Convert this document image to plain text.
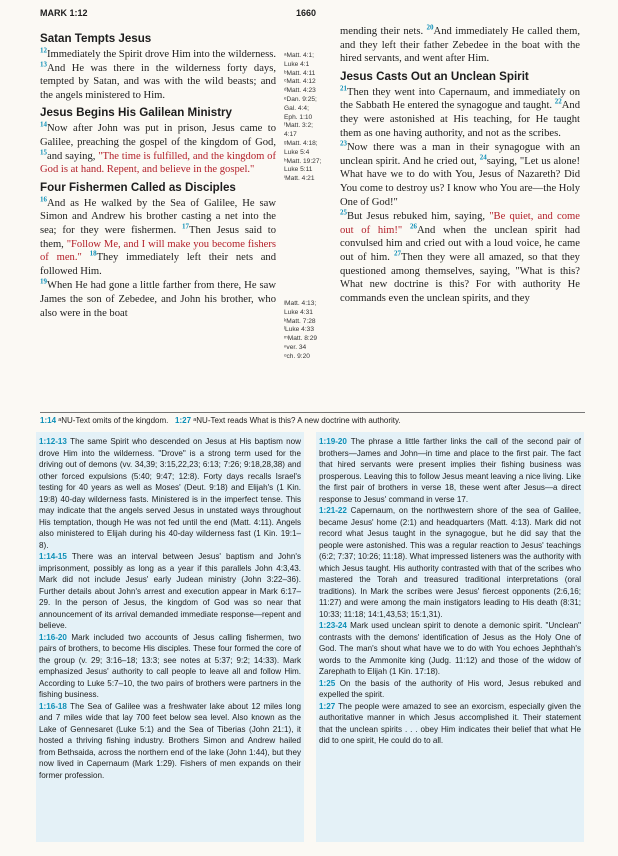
MARK 1:12	1660
Satan Tempts Jesus

$^{12}$Immediately the Spirit drove Him into the wilderness. $^{13}$And He was there in the wilderness forty days, tempted by Satan, and was with the wild beasts; and the angels ministered to Him.

Jesus Begins His Galilean Ministry

$^{14}$Now after John was put in prison, Jesus came to Galilee, preaching the gospel of the kingdom of God, $^{15}$and saying, "The time is fulfilled, and the kingdom of God is at hand. Repent, and believe in the gospel."

Four Fishermen Called as Disciples

$^{16}$And as He walked by the Sea of Galilee, He saw Simon and Andrew his brother casting a net into the sea; for they were fishermen. $^{17}$Then Jesus said to them, "Follow Me, and I will make you become fishers of men." $^{18}$They immediately left their nets and followed Him.

$^{19}$When He had gone a little farther from there, He saw James the son of Zebedee, and John his brother, who also were in the boat

ᵃMatt. 4:1;
Luke 4:1
ᵇMatt. 4:11
ᶜMatt. 4:12
ᵈMatt. 4:23
ᵉDan. 9:25;
Gal. 4:4;
Eph. 1:10
ᶠMatt. 3:2;
4:17
ᵍMatt. 4:18;
Luke 5:4
ʰMatt. 19:27;
Luke 5:11
ⁱMatt. 4:21
ʲMatt. 4:13;
Luke 4:31
ᵏMatt. 7:28
ˡLuke 4:33
ᵐMatt. 8:29
ⁿver. 34
ᵒch. 9:20

mending their nets. $^{20}$And immediately He called them, and they left their father Zebedee in the boat with the hired servants, and went after Him.

Jesus Casts Out an Unclean Spirit

$^{21}$Then they went into Capernaum, and immediately on the Sabbath He entered the synagogue and taught. $^{22}$And they were astonished at His teaching, for He taught them as one having authority, and not as the scribes.

$^{23}$Now there was a man in their synagogue with an unclean spirit. And he cried out, $^{24}$saying, "Let us alone! What have we to do with You, Jesus of Nazareth? Did You come to destroy us? I know who You are—the Holy One of God!"

$^{25}$But Jesus rebuked him, saying, "Be quiet, and come out of him!" $^{26}$And when the unclean spirit had convulsed him and cried out with a loud voice, he came out of him. $^{27}$Then they were all amazed, so that they questioned among themselves, saying, "What is this? What new doctrine is this? For with authority He commands even the unclean spirits, and they

1:14 ᵃNU-Text omits of the kingdom. 1:27 ᵃNU-Text reads What is this? A new doctrine with authority.

1:12-13 The same Spirit who descended on Jesus at His baptism now drove Him into the wilderness. "Drove" is a strong term used for the driving out of demons (vv. 34,39; 3:15,22,23; 6:13; 7:26; 9:18,28,38) and other forced expulsions (5:40; 9:47; 12:8). Forty days recalls Israel's testing for 40 years as well as Moses' (Deut. 9:18) and Elijah's (1 Kin. 19:8) 40-day wilderness fasts. Ministered is in the imperfect tense. This may indicate that the angels served Jesus in unstated ways throughout His temptation, though He was not fed until the end (Matt. 4:11). Angels also ministered to Elijah during his 40-day wilderness fast (1 Kin. 19:1–8).

1:14-15 There was an interval between Jesus' baptism and John's imprisonment, possibly as long as a year if this parallels John 4:3,43. Mark did not include Jesus' early Judean ministry (John 3:22–36). Further details about John's arrest and execution appear in Mark 6:17–29. In the person of Jesus, the kingdom of God was so near that announcement of its arrival demanded immediate response—repent and believe.

1:16-20 Mark included two accounts of Jesus calling fishermen, two pairs of brothers, to become His disciples. These four formed the core of the group (v. 29; 3:16–18; 13:3; see notes at 5:37; 9:2; 14:33). Mark emphasized Jesus' authority to call people to leave all and follow Him. According to Luke 5:7–10, the two pairs of brothers were partners in the fishing business.

1:16-18 The Sea of Galilee was a freshwater lake about 12 miles long and 7 miles wide that lay 700 feet below sea level. Also known as the Lake of Gennesaret (Luke 5:1) and the Sea of Tiberias (John 21:1), it hosted a thriving fishing industry. Brothers Simon and Andrew hailed from Bethsaida, across the northern end of the lake (John 1:44), but they now lived in Capernaum (Mark 1:29). Fishers of men expands on their former profession.

1:19-20 The phrase a little farther links the call of the second pair of brothers—James and John—in time and place to the first pair. The fact that hired servants were present implies their fishing business was prosperous. Leaving this to follow Jesus meant leaving a nice living. Like the first pair of brothers in verse 18, these went after Jesus—a direct response to Jesus' command in verse 17.

1:21-22 Capernaum, on the northwestern shore of the sea of Galilee, became Jesus' home (2:1) and headquarters (Matt. 4:13). Mark did not record what Jesus taught in the synagogue, but he did say that the people were astonished. This was a regular reaction to Jesus' teachings (6:2; 7:37; 10:26; 11:18). What impressed listeners was the authority with which Jesus taught. His authority contrasted with that of the scribes who mastered the Torah and treasured traditional interpretations (oral traditions). In Mark the scribes were Jesus' fiercest opponents (2:6,16; 11:27) and were among the main instigators leading to His death (8:31; 10:33; 11:18; 14:1,43,53; 15:1,31).

1:23-24 Mark used unclean spirit to denote a demonic spirit. "Unclean" contrasts with the demons' identification of Jesus as the Holy One of God. The man's shout what have we to do with You echoes Jephthah's words to the Ammonite king (Judg. 11:12) and those of the widow of Zarephath to Elijah (1 Kin. 17:18).

1:25 On the basis of the authority of His word, Jesus rebuked and expelled the spirit.

1:27 The people were amazed to see an exorcism, especially given the authoritative manner in which Jesus accomplished it. Their statement that the unclean spirits . . . obey Him indicates their belief that what He did to one spirit, He could do to all.
